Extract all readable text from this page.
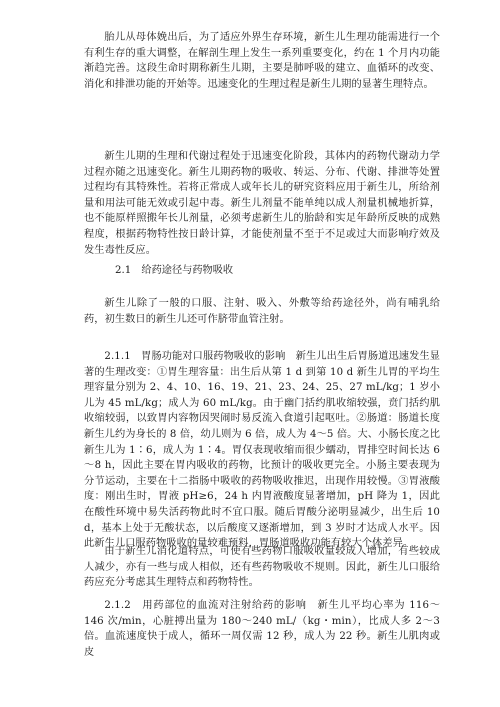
胎儿从母体娩出后，为了适应外界生存环境，新生儿生理功能需进行一个有利生存的重大调整，在解剖生理上发生一系列重要变化，约在 1 个月内功能渐趋完善。这段生命时期称新生儿期，主要是肺呼吸的建立、血循环的改变、消化和排泄功能的开始等。迅速变化的生理过程是新生儿期的显著生理特点。

新生儿期的生理和代谢过程处于迅速变化阶段，其体内的药物代谢动力学过程亦随之迅速变化。新生儿期药物的吸收、转运、分布、代谢、排泄等处置过程均有其特殊性。若将正常成人或年长儿的研究资料应用于新生儿，所给剂量和用法可能无效或引起中毒。新生儿剂量不能单纯以成人剂量机械地折算，也不能原样照搬年长儿剂量，必须考虑新生儿的胎龄和实足年龄所反映的成熟程度，根据药物特性按日龄计算，才能使剂量不至于不足或过大而影响疗效及发生毒性反应。

2.1　给药途径与药物吸收

新生儿除了一般的口服、注射、吸入、外敷等给药途径外，尚有哺乳给药，初生数日的新生儿还可作脐带血管注射。

2.1.1　胃肠功能对口服药物吸收的影响　新生儿出生后胃肠道迅速发生显著的生理改变：①胃生理容量：出生后从第 1 d 到第 10 d 新生儿胃的平均生理容量分别为 2、4、10、16、19、21、23、24、25、27 mL/kg；1 岁小儿为 45 mL/kg；成人为 60 mL/kg。由于幽门括约肌收缩较强，贲门括约肌收缩较弱，以致胃内容物因哭闹时易反流入食道引起呕吐。②肠道：肠道长度新生儿约为身长的 8 倍，幼儿则为 6 倍，成人为 4～5 倍。大、小肠长度之比新生儿为 1∶6，成人为 1∶4。胃仅表现收缩而很少蠕动，胃排空时间长达 6～8 h，因此主要在胃内吸收的药物，比预计的吸收更完全。小肠主要表现为分节运动，主要在十二指肠中吸收的药物吸收推迟，出现作用较慢。③胃液酸度：刚出生时，胃液 pH≥6，24 h 内胃液酸度显著增加，pH 降为 1，因此在酸性环境中易失活药物此时不宜口服。随后胃酸分泌明显减少，出生后 10 d，基本上处于无酸状态，以后酸度又逐渐增加，到 3 岁时才达成人水平。因此新生儿口服药物吸收的量较难预料，胃肠道吸收功能有较大个体差异。

由于新生儿消化道特点，可使有些药物口服吸收量较成人增加，有些较成人减少，亦有一些与成人相似，还有些药物吸收不规则。因此，新生儿口服给药应充分考虑其生理特点和药物特性。

2.1.2　用药部位的血流对注射给药的影响　新生儿平均心率为 116～146 次/min，心脏搏出量为 180～240 mL/（kg・min），比成人多 2～3 倍。血流速度快于成人，循环一周仅需 12 秒，成人为 22 秒。新生儿肌肉或皮
